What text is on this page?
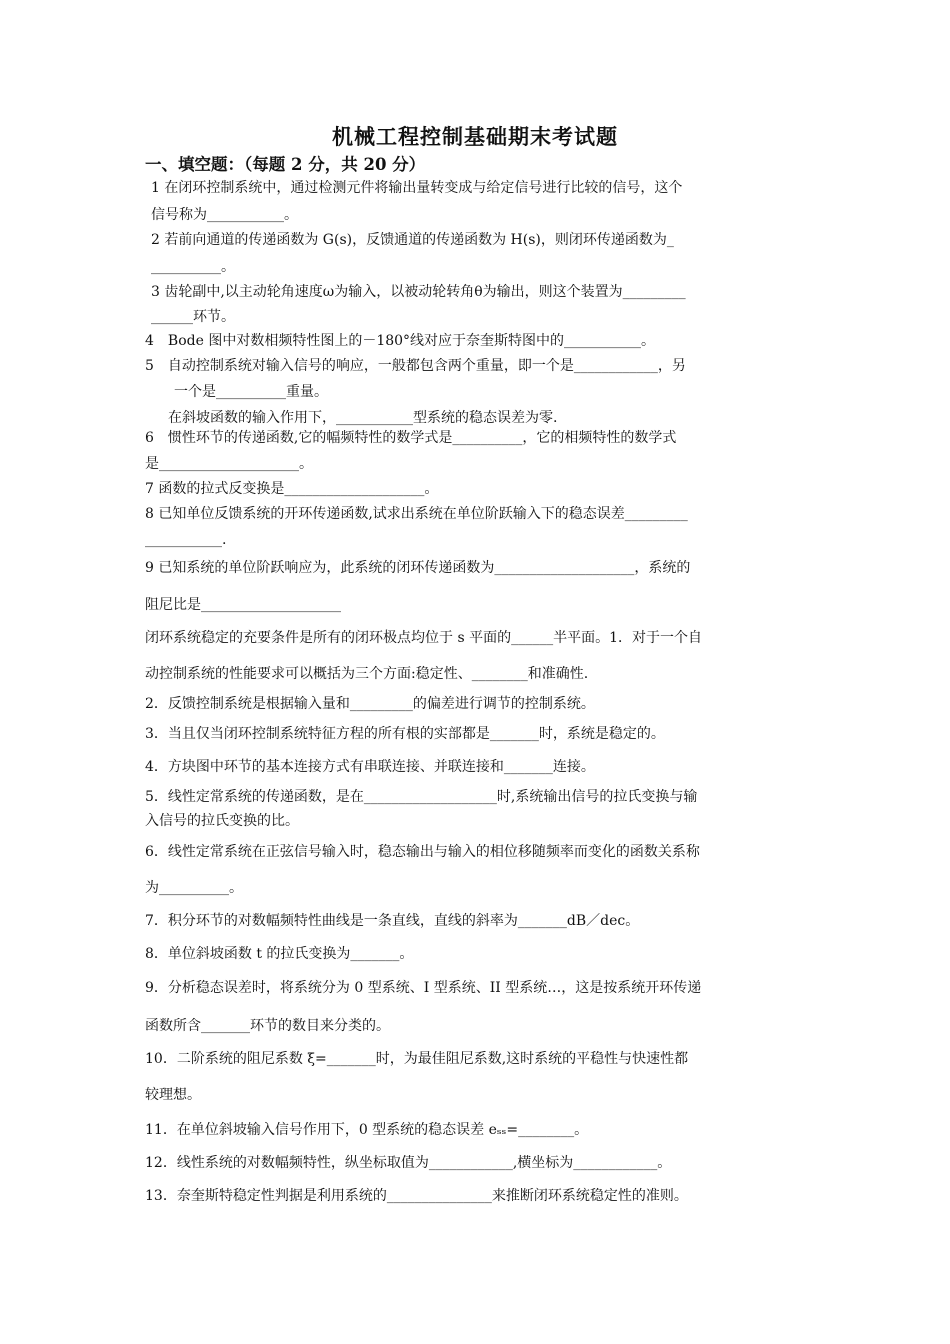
机械工程控制基础期末考试题
一、填空题：（每题 2 分，共 20 分）
1 在闭环控制系统中，通过检测元件将输出量转变成与给定信号进行比较的信号，这个
信号称为___________。
2 若前向通道的传递函数为 G(s)，反馈通道的传递函数为 H(s)，则闭环传递函数为_
__________。
3 齿轮副中,以主动轮角速度ω为输入，以被动轮转角θ为输出，则这个装置为_________
______环节。
4　Bode 图中对数相频特性图上的－180°线对应于奈奎斯特图中的___________。
5　自动控制系统对输入信号的响应，一般都包含两个重量，即一个是____________，另
一个是__________重量。
在斜坡函数的输入作用下，___________型系统的稳态误差为零.
6　惯性环节的传递函数,它的幅频特性的数学式是__________，它的相频特性的数学式
是____________________。
7 函数的拉式反变换是____________________。
8 已知单位反馈系统的开环传递函数,试求出系统在单位阶跃输入下的稳态误差_________
___________.
9 已知系统的单位阶跃响应为，此系统的闭环传递函数为____________________，系统的
阻尼比是____________________
闭环系统稳定的充要条件是所有的闭环极点均位于 s 平面的______半平面。1．对于一个自
动控制系统的性能要求可以概括为三个方面:稳定性、________和准确性.
2．反馈控制系统是根据输入量和_________的偏差进行调节的控制系统。
3．当且仅当闭环控制系统特征方程的所有根的实部都是_______时，系统是稳定的。
4．方块图中环节的基本连接方式有串联连接、并联连接和_______连接。
5．线性定常系统的传递函数，是在___________________时,系统输出信号的拉氏变换与输
入信号的拉氏变换的比。
6．线性定常系统在正弦信号输入时，稳态输出与输入的相位移随频率而变化的函数关系称
为__________。
7．积分环节的对数幅频特性曲线是一条直线，直线的斜率为_______dB／dec。
8．单位斜坡函数 t 的拉氏变换为_______。
9．分析稳态误差时，将系统分为 0 型系统、I 型系统、II 型系统…，这是按系统开环传递
函数所含_______环节的数目来分类的。
10．二阶系统的阻尼系数 ξ=_______时，为最佳阻尼系数,这时系统的平稳性与快速性都
较理想。
11．在单位斜坡输入信号作用下，0 型系统的稳态误差 eₛₛ=________。
12．线性系统的对数幅频特性，纵坐标取值为____________,横坐标为____________。
13．奈奎斯特稳定性判据是利用系统的_______________来推断闭环系统稳定性的准则。
